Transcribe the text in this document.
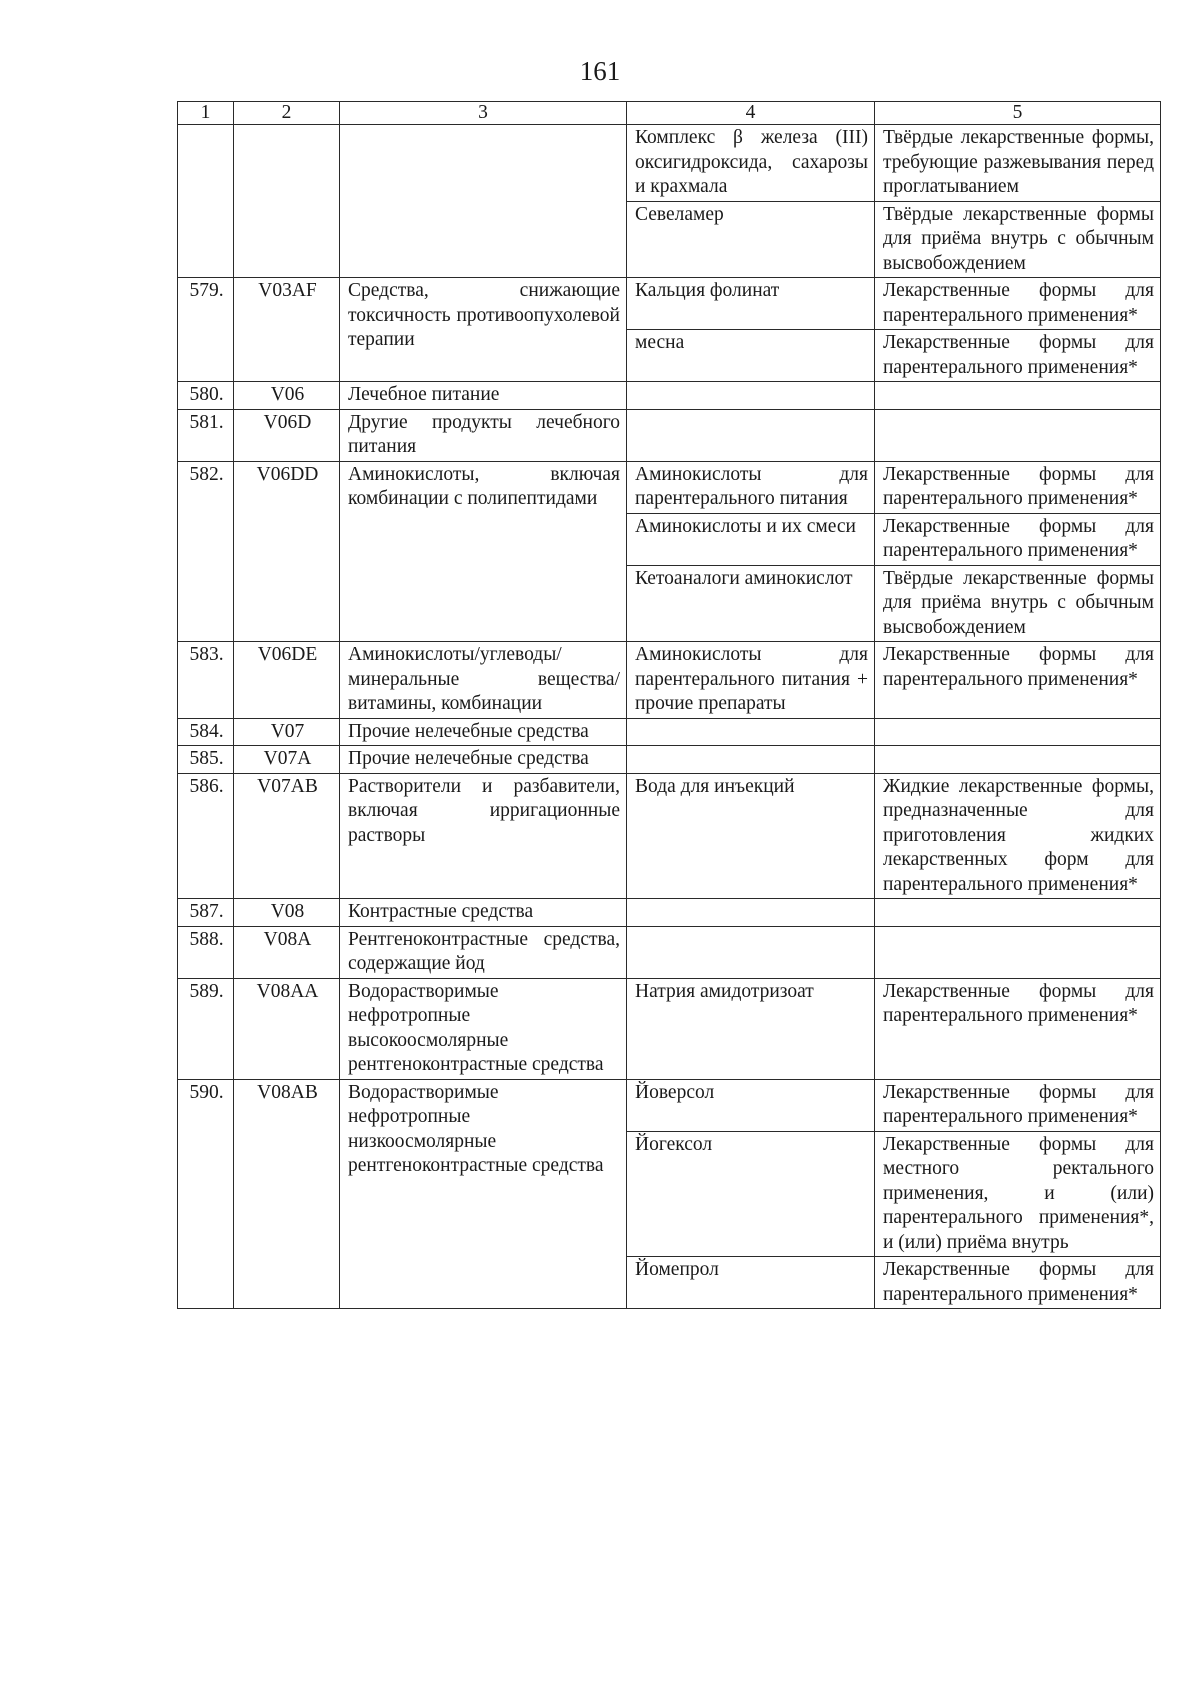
161
1	2	3	4	5
			Комплекс β железа (III) оксигидроксида, сахарозы и крахмала	Твёрдые лекарственные формы, требующие разжевывания перед проглатыванием
			Севеламер	Твёрдые лекарственные формы для приёма внутрь с обычным высвобождением
579.	V03AF	Средства, снижающие токсичность противоопухолевой терапии	Кальция фолинат	Лекарственные формы для парентерального применения*
			месна	Лекарственные формы для парентерального применения*
580.	V06	Лечебное питание		
581.	V06D	Другие продукты лечебного питания		
582.	V06DD	Аминокислоты, включая комбинации с полипептидами	Аминокислоты для парентерального питания	Лекарственные формы для парентерального применения*
			Аминокислоты и их смеси	Лекарственные формы для парентерального применения*
			Кетоаналоги аминокислот	Твёрдые лекарственные формы для приёма внутрь с обычным высвобождением
583.	V06DE	Аминокислоты/углеводы/ минеральные вещества/витамины, комбинации	Аминокислоты для парентерального питания + прочие препараты	Лекарственные формы для парентерального применения*
584.	V07	Прочие нелечебные средства		
585.	V07A	Прочие нелечебные средства		
586.	V07AB	Растворители и разбавители, включая ирригационные растворы	Вода для инъекций	Жидкие лекарственные формы, предназначенные для приготовления жидких лекарственных форм для парентерального применения*
587.	V08	Контрастные средства		
588.	V08A	Рентгеноконтрастные средства, содержащие йод		
589.	V08AA	Водорастворимые нефротропные высокоосмолярные рентгеноконтрастные средства	Натрия амидотризоат	Лекарственные формы для парентерального применения*
590.	V08AB	Водорастворимые нефротропные низкоосмолярные рентгеноконтрастные средства	Йоверсол	Лекарственные формы для парентерального применения*
			Йогексол	Лекарственные формы для местного ректального применения, и (или) парентерального применения*, и (или) приёма внутрь
			Йомепрол	Лекарственные формы для парентерального применения*
